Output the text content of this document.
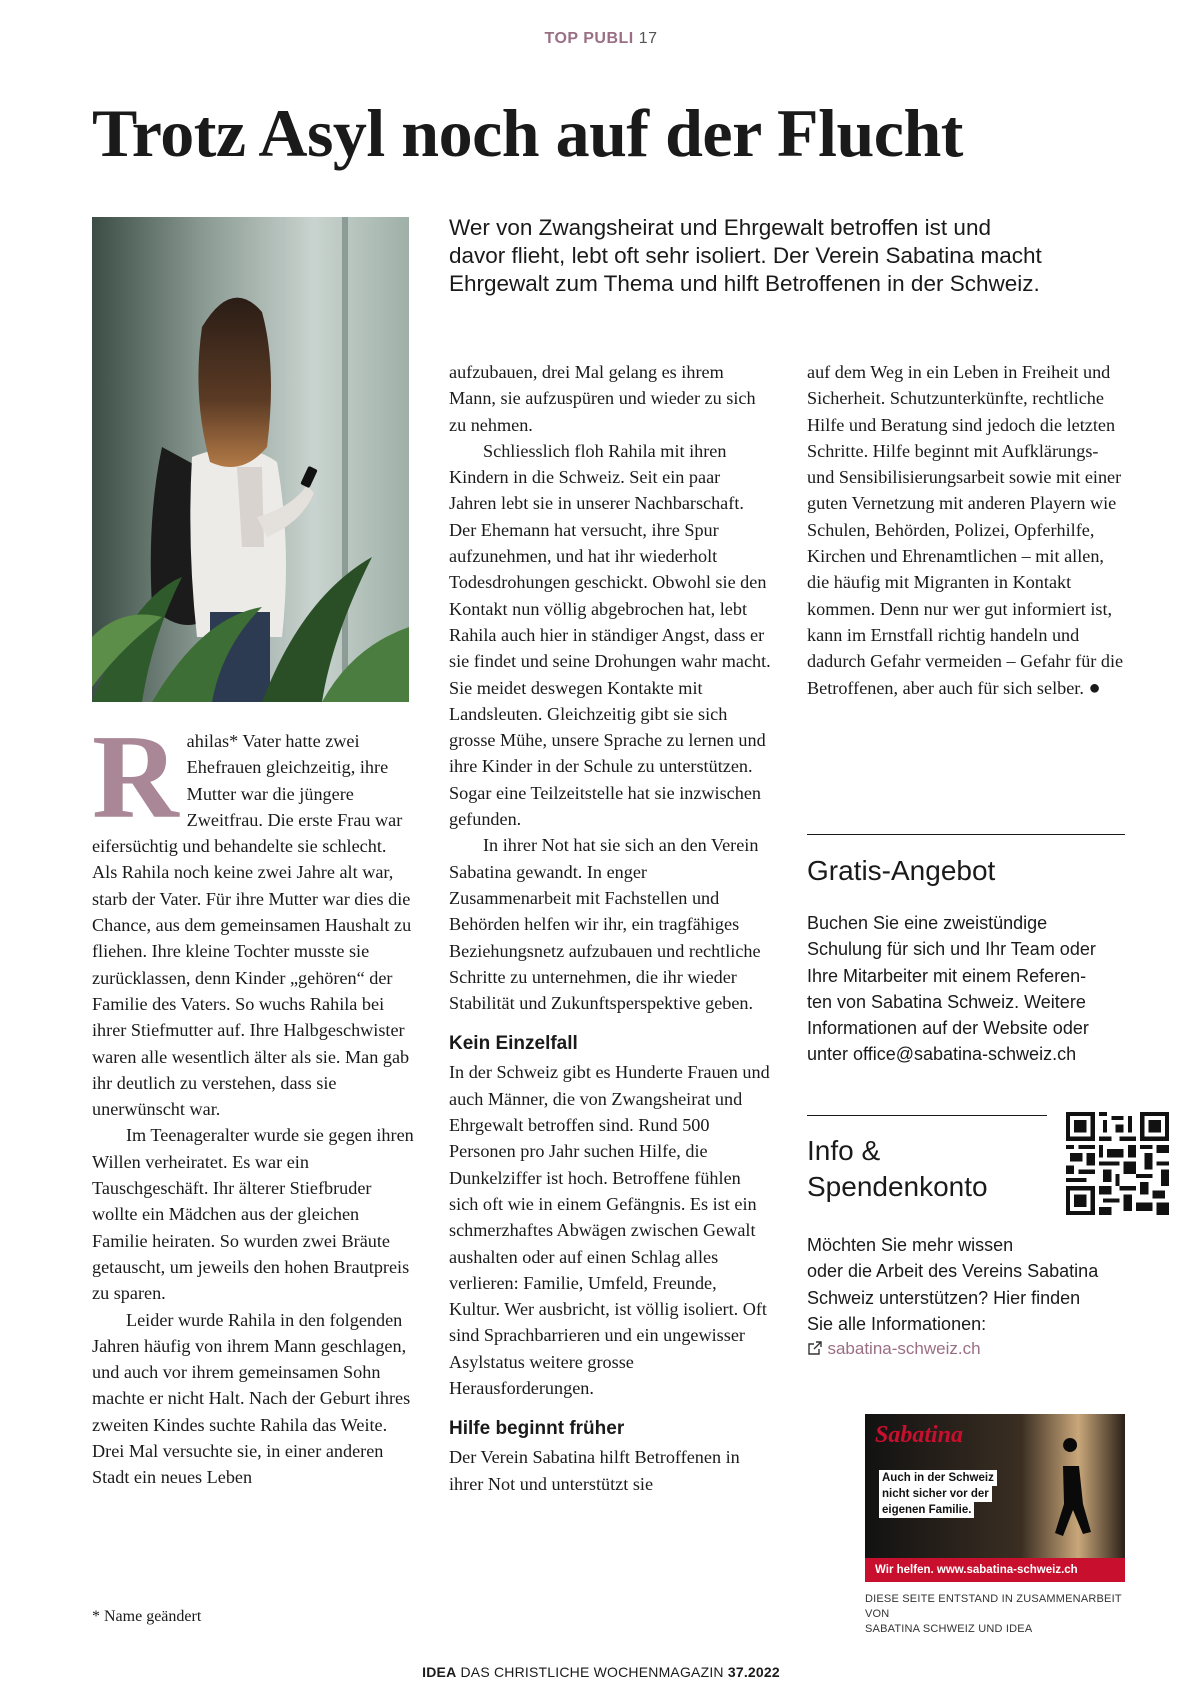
TOP PUBLI 17
Trotz Asyl noch auf der Flucht
Wer von Zwangsheirat und Ehrgewalt betroffen ist und
davor flieht, lebt oft sehr isoliert. Der Verein Sabatina macht
Ehrgewalt zum Thema und hilft Betroffenen in der Schweiz.

Rahilas* Vater hatte zwei Ehefrauen gleichzeitig, ihre Mutter war die jüngere Zweitfrau. Die erste Frau war eifersüchtig und behandelte sie schlecht. Als Rahila noch keine zwei Jahre alt war, starb der Vater. Für ihre Mutter war dies die Chance, aus dem gemeinsamen Haushalt zu fliehen. Ihre kleine Tochter musste sie zurücklassen, denn Kinder „gehören“ der Familie des Vaters. So wuchs Rahila bei ihrer Stiefmutter auf. Ihre Halbgeschwister waren alle wesentlich älter als sie. Man gab ihr deutlich zu verstehen, dass sie unerwünscht war.

Im Teenageralter wurde sie gegen ihren Willen verheiratet. Es war ein Tauschgeschäft. Ihr älterer Stiefbruder wollte ein Mädchen aus der gleichen Familie heiraten. So wurden zwei Bräute getauscht, um jeweils den hohen Brautpreis zu sparen.

Leider wurde Rahila in den folgenden Jahren häufig von ihrem Mann geschlagen, und auch vor ihrem gemeinsamen Sohn machte er nicht Halt. Nach der Geburt ihres zweiten Kindes suchte Rahila das Weite. Drei Mal versuchte sie, in einer anderen Stadt ein neues Leben

aufzubauen, drei Mal gelang es ihrem Mann, sie aufzuspüren und wieder zu sich zu nehmen.

Schliesslich floh Rahila mit ihren Kindern in die Schweiz. Seit ein paar Jahren lebt sie in unserer Nachbarschaft. Der Ehemann hat versucht, ihre Spur aufzunehmen, und hat ihr wiederholt Todesdrohungen geschickt. Obwohl sie den Kontakt nun völlig abgebrochen hat, lebt Rahila auch hier in ständiger Angst, dass er sie findet und seine Drohungen wahr macht. Sie meidet deswegen Kontakte mit Landsleuten. Gleichzeitig gibt sie sich grosse Mühe, unsere Sprache zu lernen und ihre Kinder in der Schule zu unterstützen. Sogar eine Teilzeitstelle hat sie inzwischen gefunden.

In ihrer Not hat sie sich an den Verein Sabatina gewandt. In enger Zusammenarbeit mit Fachstellen und Behörden helfen wir ihr, ein tragfähiges Beziehungsnetz aufzubauen und rechtliche Schritte zu unternehmen, die ihr wieder Stabilität und Zukunftsperspektive geben.

Kein Einzelfall

In der Schweiz gibt es Hunderte Frauen und auch Männer, die von Zwangsheirat und Ehrgewalt betroffen sind. Rund 500 Personen pro Jahr suchen Hilfe, die Dunkelziffer ist hoch. Betroffene fühlen sich oft wie in einem Gefängnis. Es ist ein schmerzhaftes Abwägen zwischen Gewalt aushalten oder auf einen Schlag alles verlieren: Familie, Umfeld, Freunde, Kultur. Wer ausbricht, ist völlig isoliert. Oft sind Sprachbarrieren und ein ungewisser Asylstatus weitere grosse Herausforderungen.

Hilfe beginnt früher

Der Verein Sabatina hilft Betroffenen in ihrer Not und unterstützt sie

auf dem Weg in ein Leben in Freiheit und Sicherheit. Schutzunterkünfte, rechtliche Hilfe und Beratung sind jedoch die letzten Schritte. Hilfe beginnt mit Aufklärungs- und Sensibilisierungsarbeit sowie mit einer guten Vernetzung mit anderen Playern wie Schulen, Behörden, Polizei, Opferhilfe, Kirchen und Ehrenamtlichen – mit allen, die häufig mit Migranten in Kontakt kommen. Denn nur wer gut informiert ist, kann im Ernstfall richtig handeln und dadurch Gefahr vermeiden – Gefahr für die Betroffenen, aber auch für sich selber. ●

* Name geändert
Gratis-Angebot
Buchen Sie eine zweistündige
Schulung für sich und Ihr Team oder
Ihre Mitarbeiter mit einem Referen-
ten von Sabatina Schweiz. Weitere
Informationen auf der Website oder
unter office@sabatina-schweiz.ch
Info &
Spendenkonto
Möchten Sie mehr wissen
oder die Arbeit des Vereins Sabatina
Schweiz unterstützen? Hier finden
Sie alle Informationen:
sabatina-schweiz.ch
Sabatina
Auch in der Schweiz
nicht sicher vor der
eigenen Familie.
Wir helfen. www.sabatina-schweiz.ch
DIESE SEITE ENTSTAND IN ZUSAMMENARBEIT VON
SABATINA SCHWEIZ UND IDEA
IDEA DAS CHRISTLICHE WOCHENMAGAZIN 37.2022
